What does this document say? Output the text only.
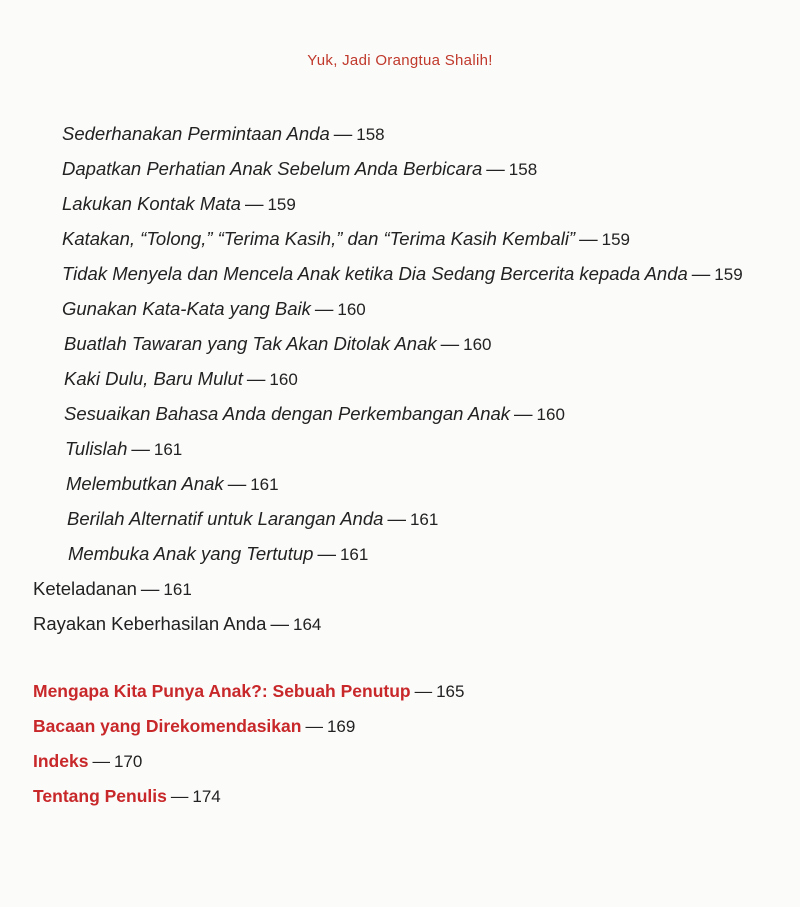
Yuk, Jadi Orangtua Shalih!
Sederhanakan Permintaan Anda — 158
Dapatkan Perhatian Anak Sebelum Anda Berbicara — 158
Lakukan Kontak Mata — 159
Katakan, “Tolong,” “Terima Kasih,” dan “Terima Kasih Kembali” — 159
Tidak Menyela dan Mencela Anak ketika Dia Sedang Bercerita kepada Anda — 159
Gunakan Kata-Kata yang Baik — 160
Buatlah Tawaran yang Tak Akan Ditolak Anak — 160
Kaki Dulu, Baru Mulut — 160
Sesuaikan Bahasa Anda dengan Perkembangan Anak — 160
Tulislah — 161
Melembutkan Anak — 161
Berilah Alternatif untuk Larangan Anda — 161
Membuka Anak yang Tertutup — 161
Keteladanan — 161
Rayakan Keberhasilan Anda — 164
Mengapa Kita Punya Anak?: Sebuah Penutup — 165
Bacaan yang Direkomendasikan — 169
Indeks — 170
Tentang Penulis — 174
